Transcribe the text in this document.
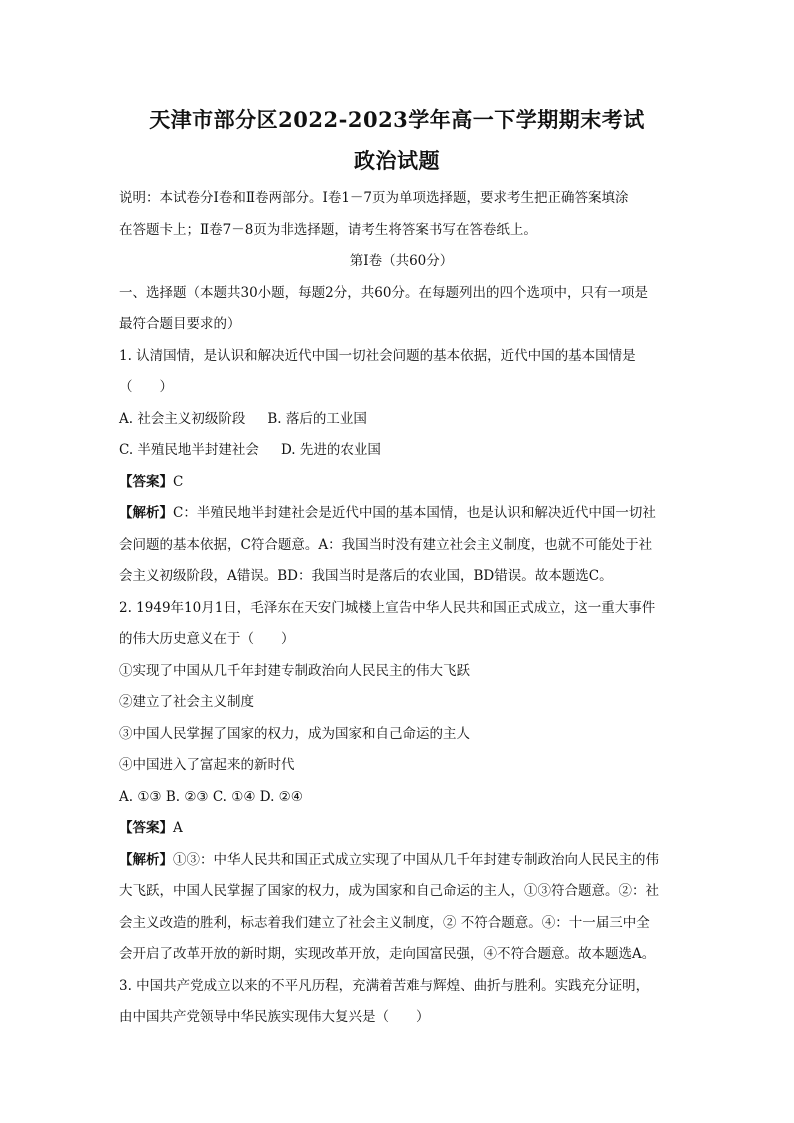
天津市部分区2022-2023学年高一下学期期末考试
政治试题
说明：本试卷分Ⅰ卷和Ⅱ卷两部分。Ⅰ卷1－7页为单项选择题，要求考生把正确答案填涂
在答题卡上；Ⅱ卷7－8页为非选择题，请考生将答案书写在答卷纸上。
第Ⅰ卷（共60分）
一、选择题（本题共30小题，每题2分，共60分。在每题列出的四个选项中，只有一项是
最符合题目要求的）
1. 认清国情，是认识和解决近代中国一切社会问题的基本依据，近代中国的基本国情是
（　　）
A. 社会主义初级阶段 B. 落后的工业国
C. 半殖民地半封建社会 D. 先进的农业国
【答案】C
【解析】C：半殖民地半封建社会是近代中国的基本国情，也是认识和解决近代中国一切社
会问题的基本依据，C符合题意。A：我国当时没有建立社会主义制度，也就不可能处于社
会主义初级阶段，A错误。BD：我国当时是落后的农业国，BD错误。故本题选C。
2. 1949年10月1日，毛泽东在天安门城楼上宣告中华人民共和国正式成立，这一重大事件
的伟大历史意义在于（　　）
①实现了中国从几千年封建专制政治向人民民主的伟大飞跃
②建立了社会主义制度
③中国人民掌握了国家的权力，成为国家和自己命运的主人
④中国进入了富起来的新时代
A. ①③ B. ②③ C. ①④ D. ②④
【答案】A
【解析】①③：中华人民共和国正式成立实现了中国从几千年封建专制政治向人民民主的伟
大飞跃，中国人民掌握了国家的权力，成为国家和自己命运的主人，①③符合题意。②：社
会主义改造的胜利，标志着我们建立了社会主义制度，② 不符合题意。④：十一届三中全
会开启了改革开放的新时期，实现改革开放，走向国富民强，④不符合题意。故本题选A。
3. 中国共产党成立以来的不平凡历程，充满着苦难与辉煌、曲折与胜利。实践充分证明，
由中国共产党领导中华民族实现伟大复兴是（　　）
